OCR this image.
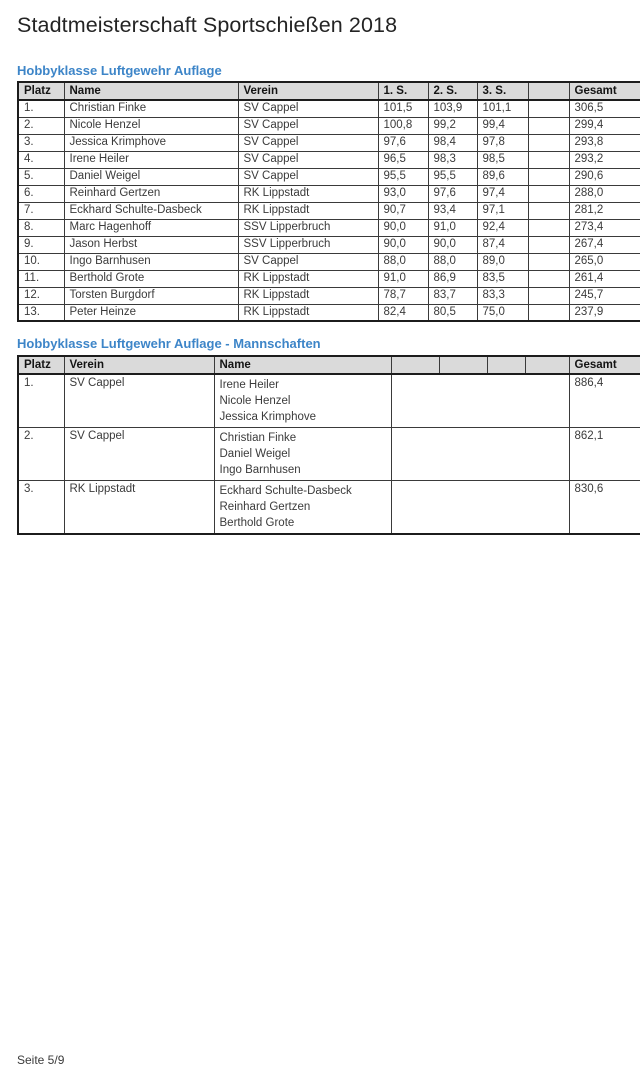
Stadtmeisterschaft Sportschießen 2018
Hobbyklasse Luftgewehr Auflage
Platz	Name	Verein	1. S.	2. S.	3. S.		Gesamt
1.	Christian Finke	SV Cappel	101,5	103,9	101,1		306,5
2.	Nicole Henzel	SV Cappel	100,8	99,2	99,4		299,4
3.	Jessica Krimphove	SV Cappel	97,6	98,4	97,8		293,8
4.	Irene Heiler	SV Cappel	96,5	98,3	98,5		293,2
5.	Daniel Weigel	SV Cappel	95,5	95,5	89,6		290,6
6.	Reinhard Gertzen	RK Lippstadt	93,0	97,6	97,4		288,0
7.	Eckhard Schulte-Dasbeck	RK Lippstadt	90,7	93,4	97,1		281,2
8.	Marc Hagenhoff	SSV Lipperbruch	90,0	91,0	92,4		273,4
9.	Jason Herbst	SSV Lipperbruch	90,0	90,0	87,4		267,4
10.	Ingo Barnhusen	SV Cappel	88,0	88,0	89,0		265,0
11.	Berthold Grote	RK Lippstadt	91,0	86,9	83,5		261,4
12.	Torsten Burgdorf	RK Lippstadt	78,7	83,7	83,3		245,7
13.	Peter Heinze	RK Lippstadt	82,4	80,5	75,0		237,9
Hobbyklasse Luftgewehr Auflage - Mannschaften
Platz	Verein	Name					Gesamt
1.	SV Cappel	Irene Heiler
Nicole Henzel
Jessica Krimphove					886,4
2.	SV Cappel	Christian Finke
Daniel Weigel
Ingo Barnhusen					862,1
3.	RK Lippstadt	Eckhard Schulte-Dasbeck
Reinhard Gertzen
Berthold Grote					830,6
Seite 5/9
